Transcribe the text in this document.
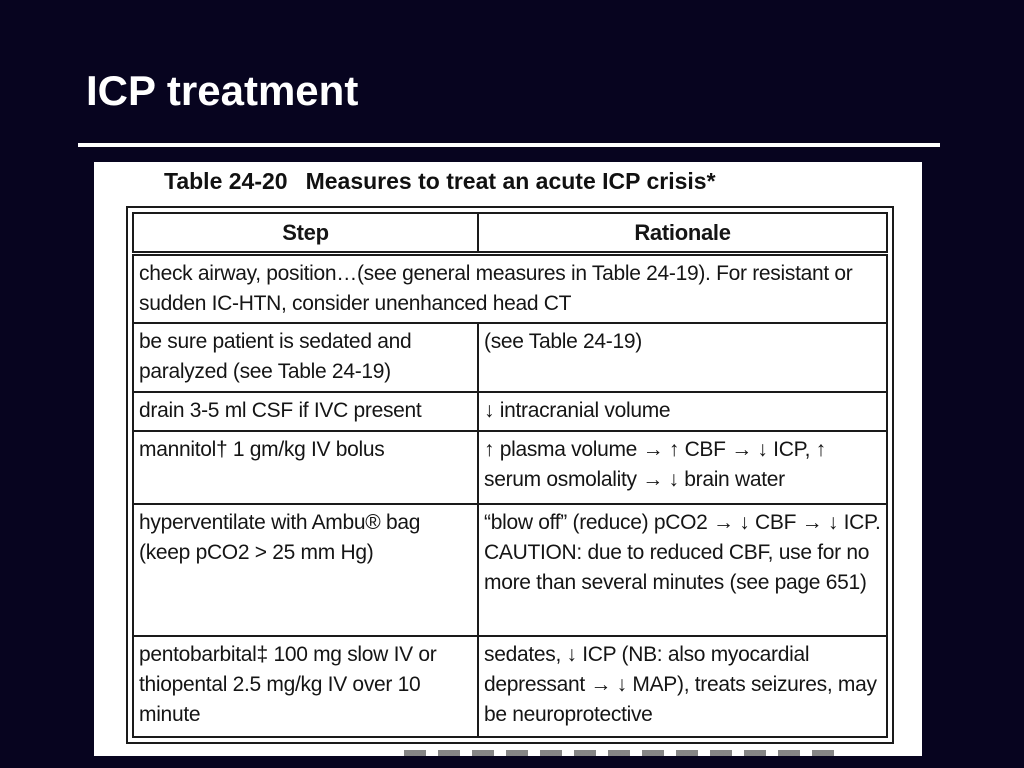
ICP treatment
Table 24-20 Measures to treat an acute ICP crisis*
Step	Rationale
check airway, position…(see general measures in Table 24-19). For resistant or sudden IC-HTN, consider unenhanced head CT	
be sure patient is sedated and paralyzed (see Table 24-19)	(see Table 24-19)
drain 3-5 ml CSF if IVC present	↓ intracranial volume
mannitol† 1 gm/kg IV bolus	↑ plasma volume → ↑ CBF → ↓ ICP, ↑ serum osmolality → ↓ brain water
hyperventilate with Ambu® bag (keep pCO2 > 25 mm Hg)	“blow off” (reduce) pCO2 → ↓ CBF → ↓ ICP. CAUTION: due to reduced CBF, use for no more than several minutes (see page 651)
pentobarbital‡ 100 mg slow IV or thiopental 2.5 mg/kg IV over 10 minute	sedates, ↓ ICP (NB: also myocardial depressant → ↓ MAP), treats seizures, may be neuroprotective
